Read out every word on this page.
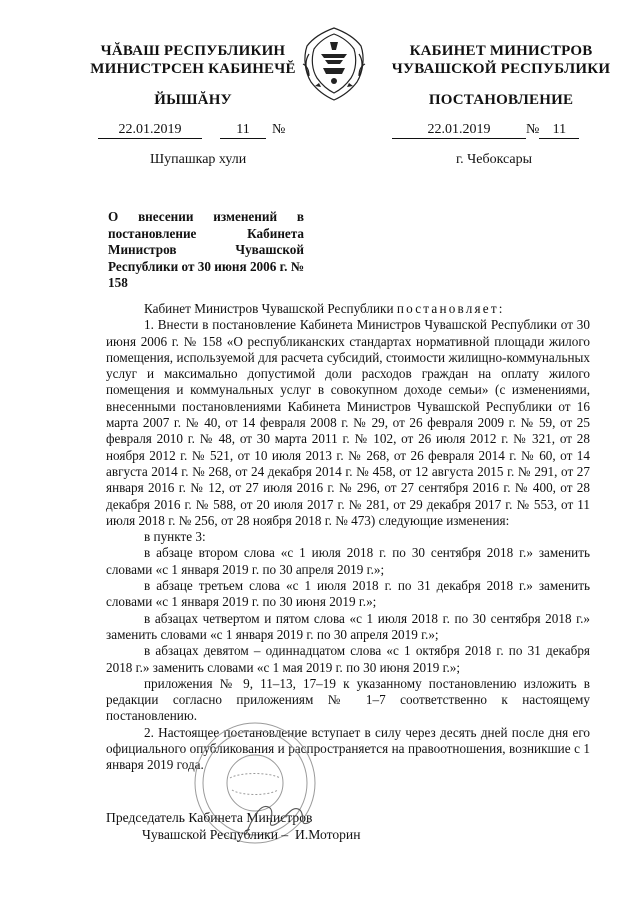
ЧĂВАШ РЕСПУБЛИКИН
МИНИСТРСЕН КАБИНЕЧĔ
ЙЫШĂНУ
КАБИНЕТ МИНИСТРОВ
ЧУВАШСКОЙ РЕСПУБЛИКИ
ПОСТАНОВЛЕНИЕ
22.01.2019	11 №	22.01.2019	№ 11
Шупашкар хули	г. Чебоксары
О внесении изменений в постановление Кабинета Министров Чувашской Республики от 30 июня 2006 г. № 158

Кабинет Министров Чувашской Республики постановляет:

1. Внести в постановление Кабинета Министров Чувашской Республики от 30 июня 2006 г. № 158 «О республиканских стандартах нормативной площади жилого помещения, используемой для расчета субсидий, стоимости жилищно-коммунальных услуг и максимально допустимой доли расходов граждан на оплату жилого помещения и коммунальных услуг в совокупном доходе семьи» (с изменениями, внесенными постановлениями Кабинета Министров Чувашской Республики от 16 марта 2007 г. № 40, от 14 февраля 2008 г. № 29, от 26 февраля 2009 г. № 59, от 25 февраля 2010 г. № 48, от 30 марта 2011 г. № 102, от 26 июля 2012 г. № 321, от 28 ноября 2012 г. № 521, от 10 июля 2013 г. № 268, от 26 февраля 2014 г. № 60, от 14 августа 2014 г. № 268, от 24 декабря 2014 г. № 458, от 12 августа 2015 г. № 291, от 27 января 2016 г. № 12, от 27 июля 2016 г. № 296, от 27 сентября 2016 г. № 400, от 28 декабря 2016 г. № 588, от 20 июля 2017 г. № 281, от 29 декабря 2017 г. № 553, от 11 июля 2018 г. № 256, от 28 ноября 2018 г. № 473) следующие изменения:

в пункте 3:

в абзаце втором слова «с 1 июля 2018 г. по 30 сентября 2018 г.» заменить словами «с 1 января 2019 г. по 30 апреля 2019 г.»;

в абзаце третьем слова «с 1 июля 2018 г. по 31 декабря 2018 г.» заменить словами «с 1 января 2019 г. по 30 июня 2019 г.»;

в абзацах четвертом и пятом слова «с 1 июля 2018 г. по 30 сентября 2018 г.» заменить словами «с 1 января 2019 г. по 30 апреля 2019 г.»;

в абзацах девятом – одиннадцатом слова «с 1 октября 2018 г. по 31 декабря 2018 г.» заменить словами «с 1 мая 2019 г. по 30 июня 2019 г.»;

приложения № 9, 11–13, 17–19 к указанному постановлению изложить в редакции согласно приложениям № 1–7 соответственно к настоящему постановлению.

2. Настоящее постановление вступает в силу через десять дней после дня его официального опубликования и распространяется на правоотношения, возникшие с 1 января 2019 года.

Председатель Кабинета Министров
Чувашской Республики – И.Моторин
